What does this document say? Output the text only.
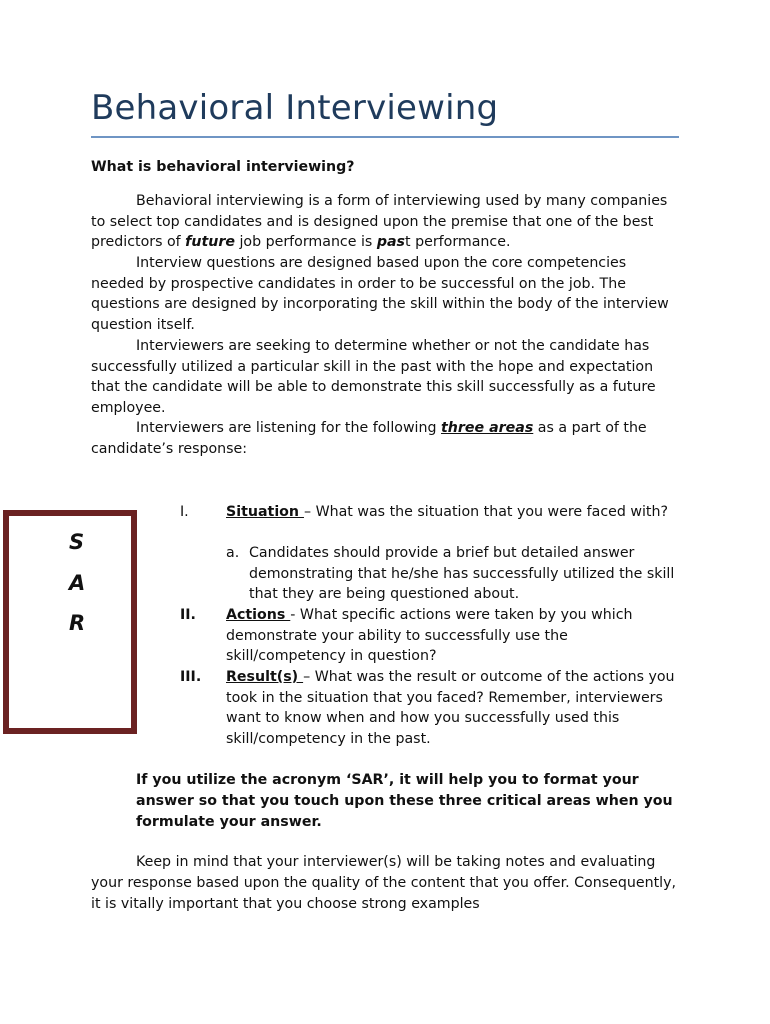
Behavioral Interviewing
What is behavioral interviewing?

Behavioral interviewing is a form of interviewing used by many companies to select top candidates and is designed upon the premise that one of the best predictors of future job performance is past performance.

Interview questions are designed based upon the core competencies needed by prospective candidates in order to be successful on the job. The questions are designed by incorporating the skill within the body of the interview question itself.

Interviewers are seeking to determine whether or not the candidate has successfully utilized a particular skill in the past with the hope and expectation that the candidate will be able to demonstrate this skill successfully as a future employee.

Interviewers are listening for the following three areas as a part of the candidate’s response:

S
A
R
I.	Situation – What was the situation that you were faced with?
a. Candidates should provide a brief but detailed answer demonstrating that he/she has successfully utilized the skill that they are being questioned about.
II. Actions - What specific actions were taken by you which demonstrate your ability to successfully use the skill/competency in question?
III. Result(s) – What was the result or outcome of the actions you took in the situation that you faced? Remember, interviewers want to know when and how you successfully used this skill/competency in the past.
If you utilize the acronym ‘SAR’, it will help you to format your answer so that you touch upon these three critical areas when you formulate your answer.

Keep in mind that your interviewer(s) will be taking notes and evaluating your response based upon the quality of the content that you offer. Consequently, it is vitally important that you choose strong examples
